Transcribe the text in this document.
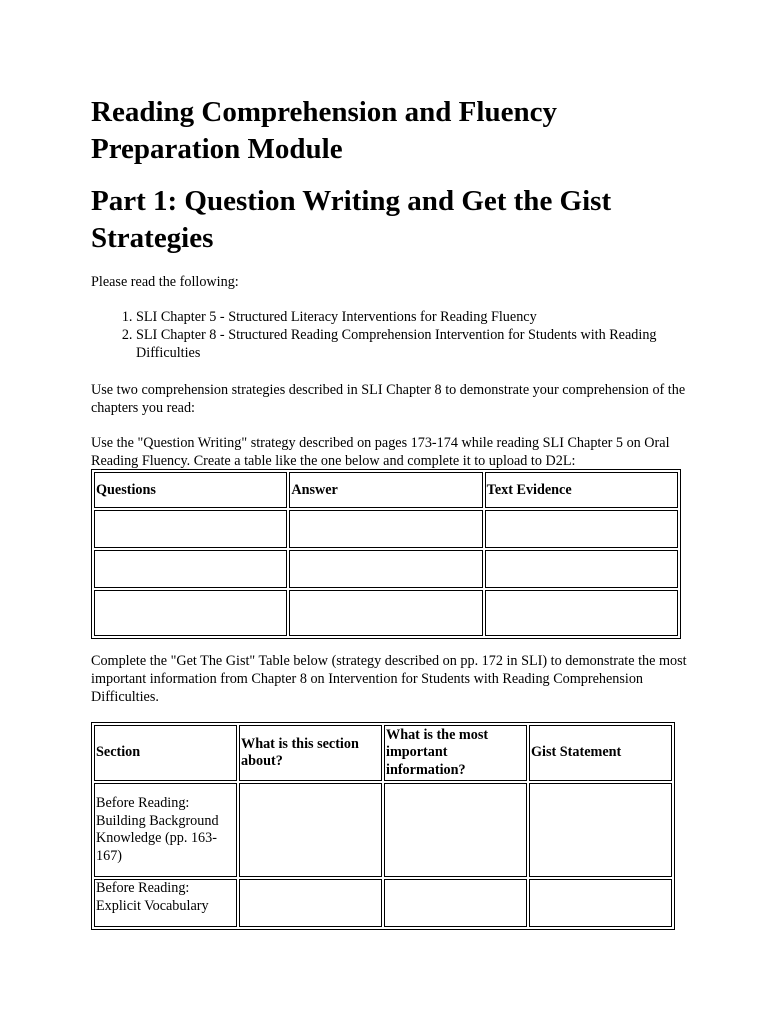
Reading Comprehension and Fluency Preparation Module
Part 1: Question Writing and Get the Gist Strategies

Please read the following:

1. SLI Chapter 5 - Structured Literacy Interventions for Reading Fluency
2. SLI Chapter 8 - Structured Reading Comprehension Intervention for Students with Reading Difficulties

Use two comprehension strategies described in SLI Chapter 8 to demonstrate your comprehension of the chapters you read:

Use the "Question Writing" strategy described on pages 173-174 while reading SLI Chapter 5 on Oral Reading Fluency. Create a table like the one below and complete it to upload to D2L:

Questions	Answer	Text Evidence

Complete the "Get The Gist" Table below (strategy described on pp. 172 in SLI) to demonstrate the most important information from Chapter 8 on Intervention for Students with Reading Comprehension Difficulties.

Section	What is this section about?	What is the most important information?	Gist Statement
Before Reading: Building Background Knowledge (pp. 163-167)			
Before Reading: Explicit Vocabulary			
